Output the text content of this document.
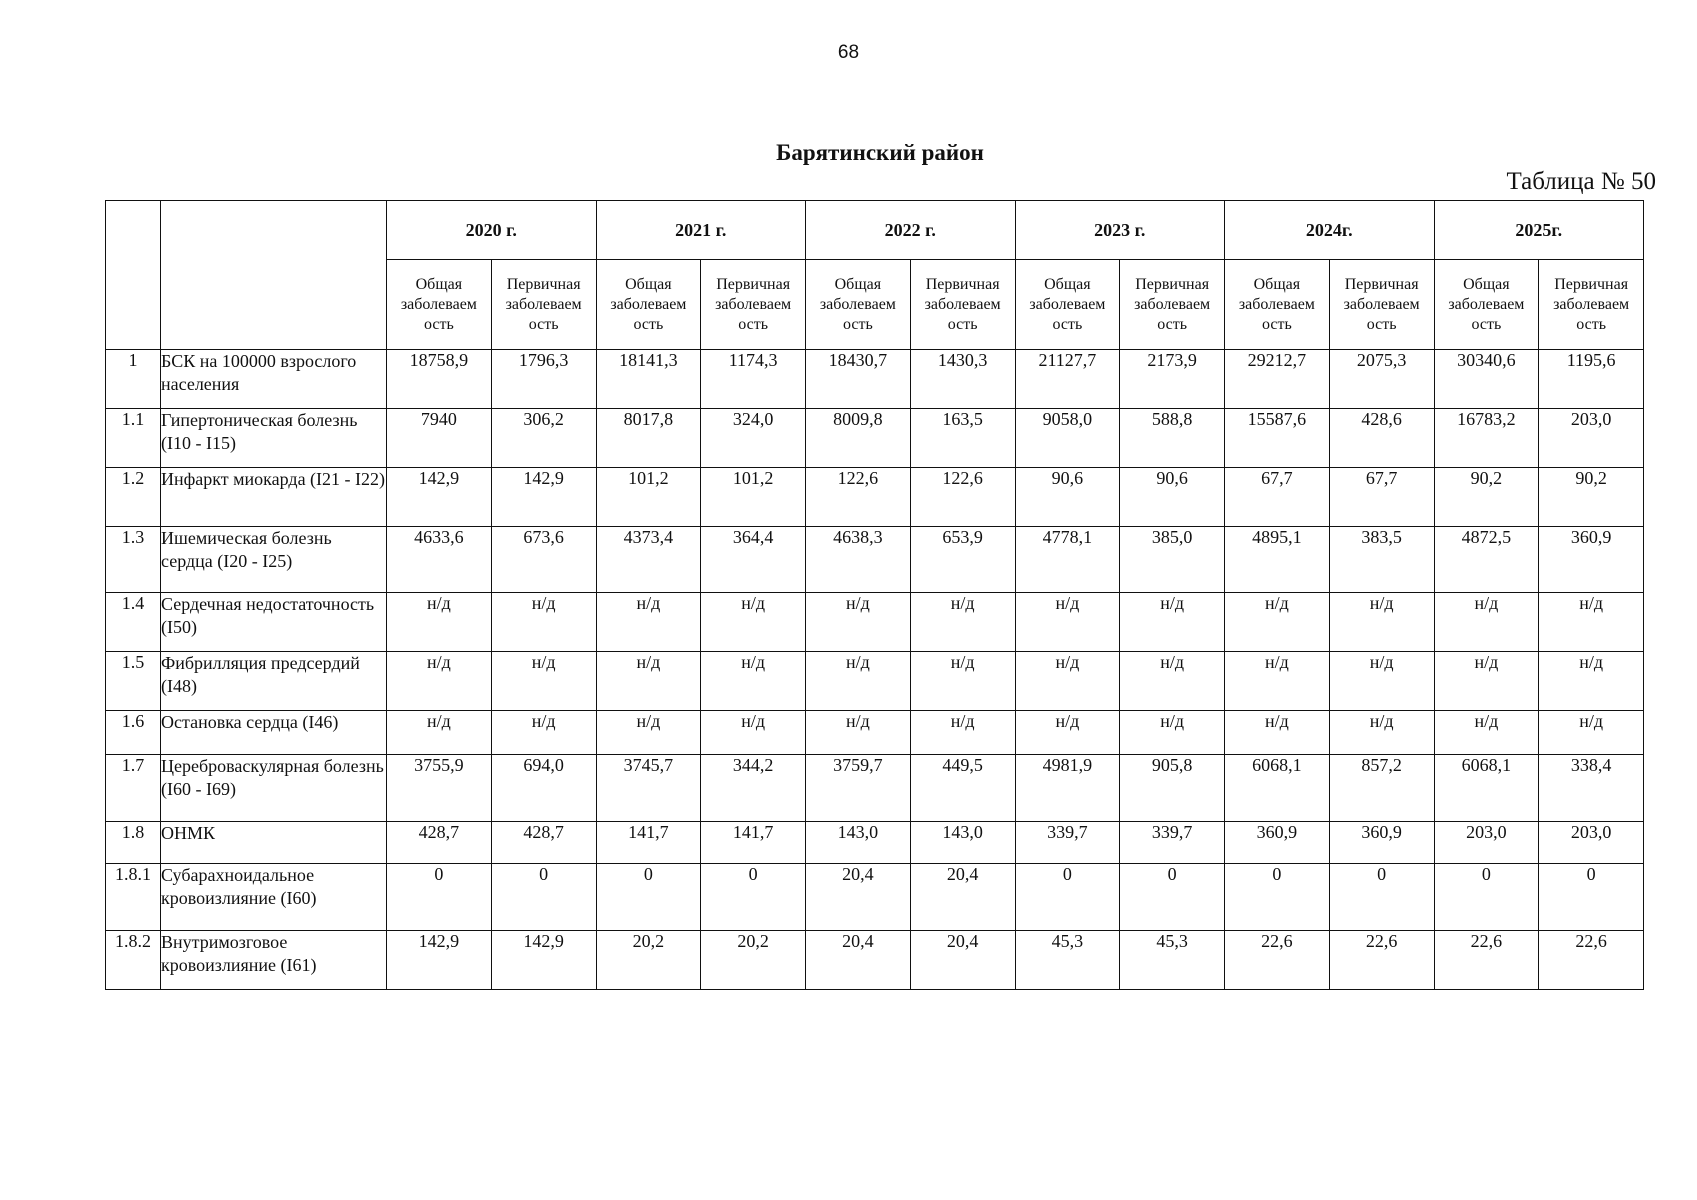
68
Барятинский район
Таблица № 50
		2020 г.		2021 г.		2022 г.		2023 г.		2024г.		2025г.	
		Общая заболеваем ость	Первичная заболеваем ость	Общая заболеваем ость	Первичная заболеваем ость	Общая заболеваем ость	Первичная заболеваем ость	Общая заболеваем ость	Первичная заболеваем ость	Общая заболеваем ость	Первичная заболеваем ость	Общая заболеваем ость	Первичная заболеваем ость
1	БСК на 100000 взрослого населения	18758,9	1796,3	18141,3	1174,3	18430,7	1430,3	21127,7	2173,9	29212,7	2075,3	30340,6	1195,6
1.1	Гипертоническая болезнь (I10 - I15)	7940	306,2	8017,8	324,0	8009,8	163,5	9058,0	588,8	15587,6	428,6	16783,2	203,0
1.2	Инфаркт миокарда (I21 - I22)	142,9	142,9	101,2	101,2	122,6	122,6	90,6	90,6	67,7	67,7	90,2	90,2
1.3	Ишемическая болезнь сердца (I20 - I25)	4633,6	673,6	4373,4	364,4	4638,3	653,9	4778,1	385,0	4895,1	383,5	4872,5	360,9
1.4	Сердечная недостаточность (I50)	н/д	н/д	н/д	н/д	н/д	н/д	н/д	н/д	н/д	н/д	н/д	н/д
1.5	Фибрилляция предсердий (I48)	н/д	н/д	н/д	н/д	н/д	н/д	н/д	н/д	н/д	н/д	н/д	н/д
1.6	Остановка сердца (I46)	н/д	н/д	н/д	н/д	н/д	н/д	н/д	н/д	н/д	н/д	н/д	н/д
1.7	Цереброваскулярная болезнь (I60 - I69)	3755,9	694,0	3745,7	344,2	3759,7	449,5	4981,9	905,8	6068,1	857,2	6068,1	338,4
1.8	ОНМК	428,7	428,7	141,7	141,7	143,0	143,0	339,7	339,7	360,9	360,9	203,0	203,0
1.8.1	Субарахноидальное кровоизлияние (I60)	0	0	0	0	20,4	20,4	0	0	0	0	0	0
1.8.2	Внутримозговое кровоизлияние (I61)	142,9	142,9	20,2	20,2	20,4	20,4	45,3	45,3	22,6	22,6	22,6	22,6
